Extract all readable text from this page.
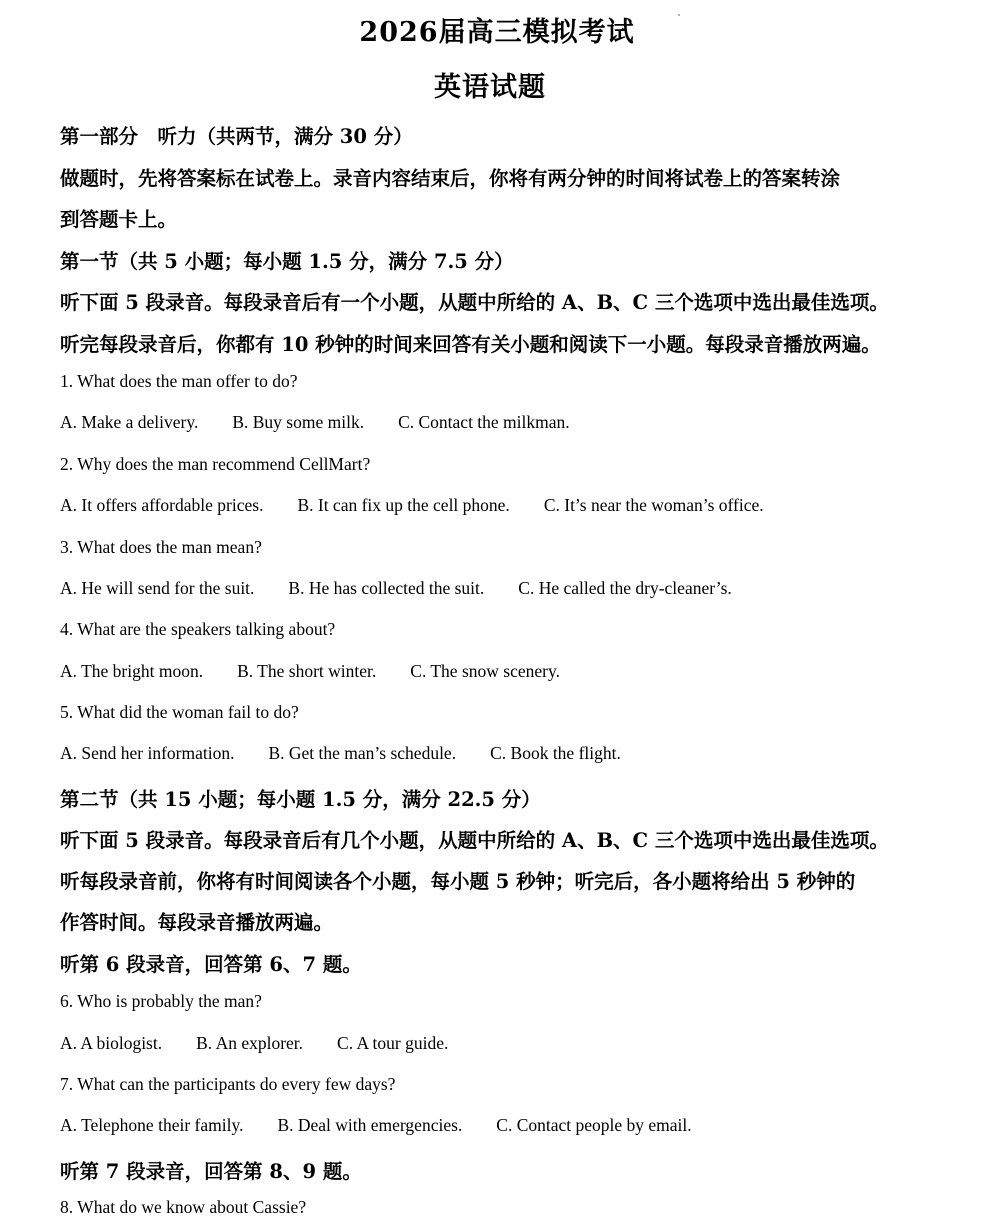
2026届高三模拟考试
英语试题
第一部分　听力（共两节，满分 30 分）
做题时，先将答案标在试卷上。录音内容结束后，你将有两分钟的时间将试卷上的答案转涂
到答题卡上。
第一节（共 5 小题；每小题 1.5 分，满分 7.5 分）
听下面 5 段录音。每段录音后有一个小题，从题中所给的 A、B、C 三个选项中选出最佳选项。
听完每段录音后，你都有 10 秒钟的时间来回答有关小题和阅读下一小题。每段录音播放两遍。
1. What does the man offer to do?
A. Make a delivery. B. Buy some milk. C. Contact the milkman.
2. Why does the man recommend CellMart?
A. It offers affordable prices. B. It can fix up the cell phone. C. It’s near the woman’s office.
3. What does the man mean?
A. He will send for the suit. B. He has collected the suit. C. He called the dry-cleaner’s.
4. What are the speakers talking about?
A. The bright moon. B. The short winter. C. The snow scenery.
5. What did the woman fail to do?
A. Send her information. B. Get the man’s schedule. C. Book the flight.
第二节（共 15 小题；每小题 1.5 分，满分 22.5 分）
听下面 5 段录音。每段录音后有几个小题，从题中所给的 A、B、C 三个选项中选出最佳选项。
听每段录音前，你将有时间阅读各个小题，每小题 5 秒钟；听完后，各小题将给出 5 秒钟的
作答时间。每段录音播放两遍。
听第 6 段录音，回答第 6、7 题。
6. Who is probably the man?
A. A biologist. B. An explorer. C. A tour guide.
7. What can the participants do every few days?
A. Telephone their family. B. Deal with emergencies. C. Contact people by email.
听第 7 段录音，回答第 8、9 题。
8. What do we know about Cassie?
